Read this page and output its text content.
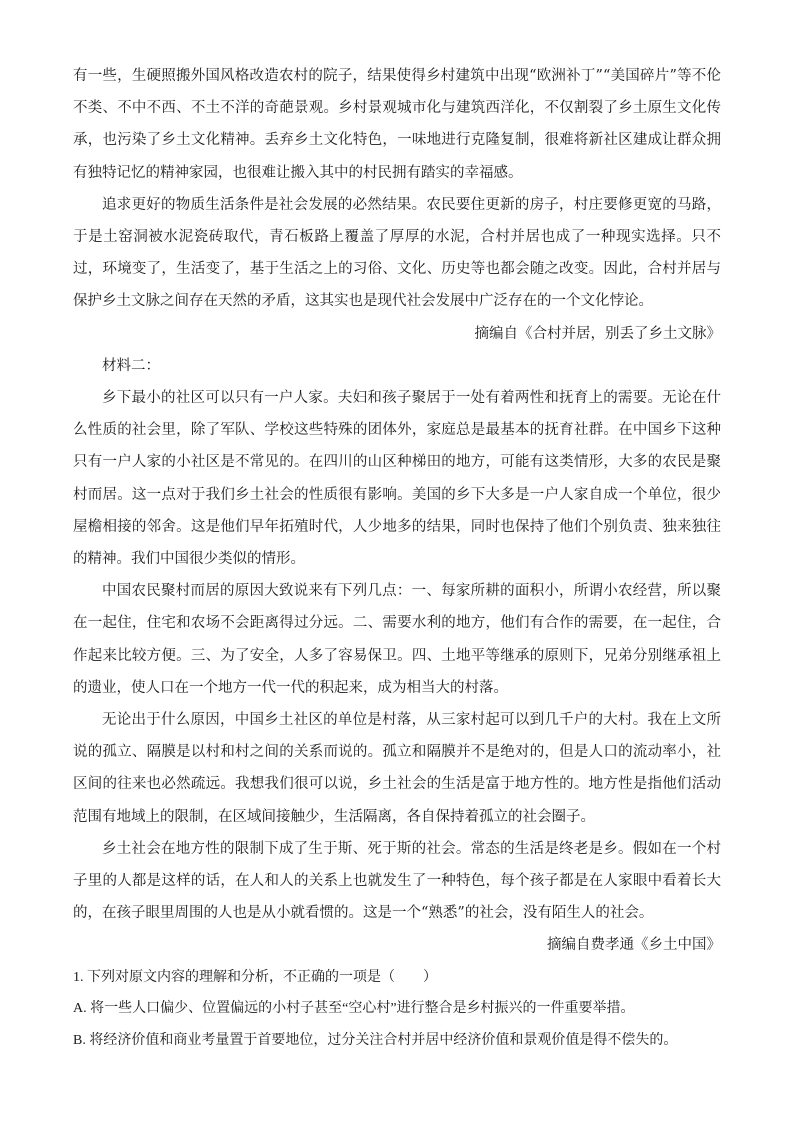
有一些，生硬照搬外国风格改造农村的院子，结果使得乡村建筑中出现“欧洲补丁”“美国碎片”等不伦不类、不中不西、不土不洋的奇葩景观。乡村景观城市化与建筑西洋化，不仅割裂了乡土原生文化传承，也污染了乡土文化精神。丢弃乡土文化特色，一味地进行克隆复制，很难将新社区建成让群众拥有独特记忆的精神家园，也很难让搬入其中的村民拥有踏实的幸福感。

追求更好的物质生活条件是社会发展的必然结果。农民要住更新的房子，村庄要修更宽的马路，于是土窑洞被水泥瓷砖取代，青石板路上覆盖了厚厚的水泥，合村并居也成了一种现实选择。只不过，环境变了，生活变了，基于生活之上的习俗、文化、历史等也都会随之改变。因此，合村并居与保护乡土文脉之间存在天然的矛盾，这其实也是现代社会发展中广泛存在的一个文化悖论。

摘编自《合村并居，别丢了乡土文脉》

材料二：

乡下最小的社区可以只有一户人家。夫妇和孩子聚居于一处有着两性和抚育上的需要。无论在什么性质的社会里，除了军队、学校这些特殊的团体外，家庭总是最基本的抚育社群。在中国乡下这种只有一户人家的小社区是不常见的。在四川的山区种梯田的地方，可能有这类情形，大多的农民是聚村而居。这一点对于我们乡土社会的性质很有影响。美国的乡下大多是一户人家自成一个单位，很少屋檐相接的邻舍。这是他们早年拓殖时代，人少地多的结果，同时也保持了他们个别负责、独来独往的精神。我们中国很少类似的情形。

中国农民聚村而居的原因大致说来有下列几点：一、每家所耕的面积小，所谓小农经营，所以聚在一起住，住宅和农场不会距离得过分远。二、需要水利的地方，他们有合作的需要，在一起住，合作起来比较方便。三、为了安全，人多了容易保卫。四、土地平等继承的原则下，兄弟分别继承祖上的遗业，使人口在一个地方一代一代的积起来，成为相当大的村落。

无论出于什么原因，中国乡土社区的单位是村落，从三家村起可以到几千户的大村。我在上文所说的孤立、隔膜是以村和村之间的关系而说的。孤立和隔膜并不是绝对的，但是人口的流动率小，社区间的往来也必然疏远。我想我们很可以说，乡土社会的生活是富于地方性的。地方性是指他们活动范围有地域上的限制，在区域间接触少，生活隔离，各自保持着孤立的社会圈子。

乡土社会在地方性的限制下成了生于斯、死于斯的社会。常态的生活是终老是乡。假如在一个村子里的人都是这样的话，在人和人的关系上也就发生了一种特色，每个孩子都是在人家眼中看着长大的，在孩子眼里周围的人也是从小就看惯的。这是一个“熟悉”的社会，没有陌生人的社会。

摘编自费孝通《乡土中国》

1. 下列对原文内容的理解和分析，不正确的一项是（　　）

A. 将一些人口偏少、位置偏远的小村子甚至“空心村”进行整合是乡村振兴的一件重要举措。

B. 将经济价值和商业考量置于首要地位，过分关注合村并居中经济价值和景观价值是得不偿失的。
